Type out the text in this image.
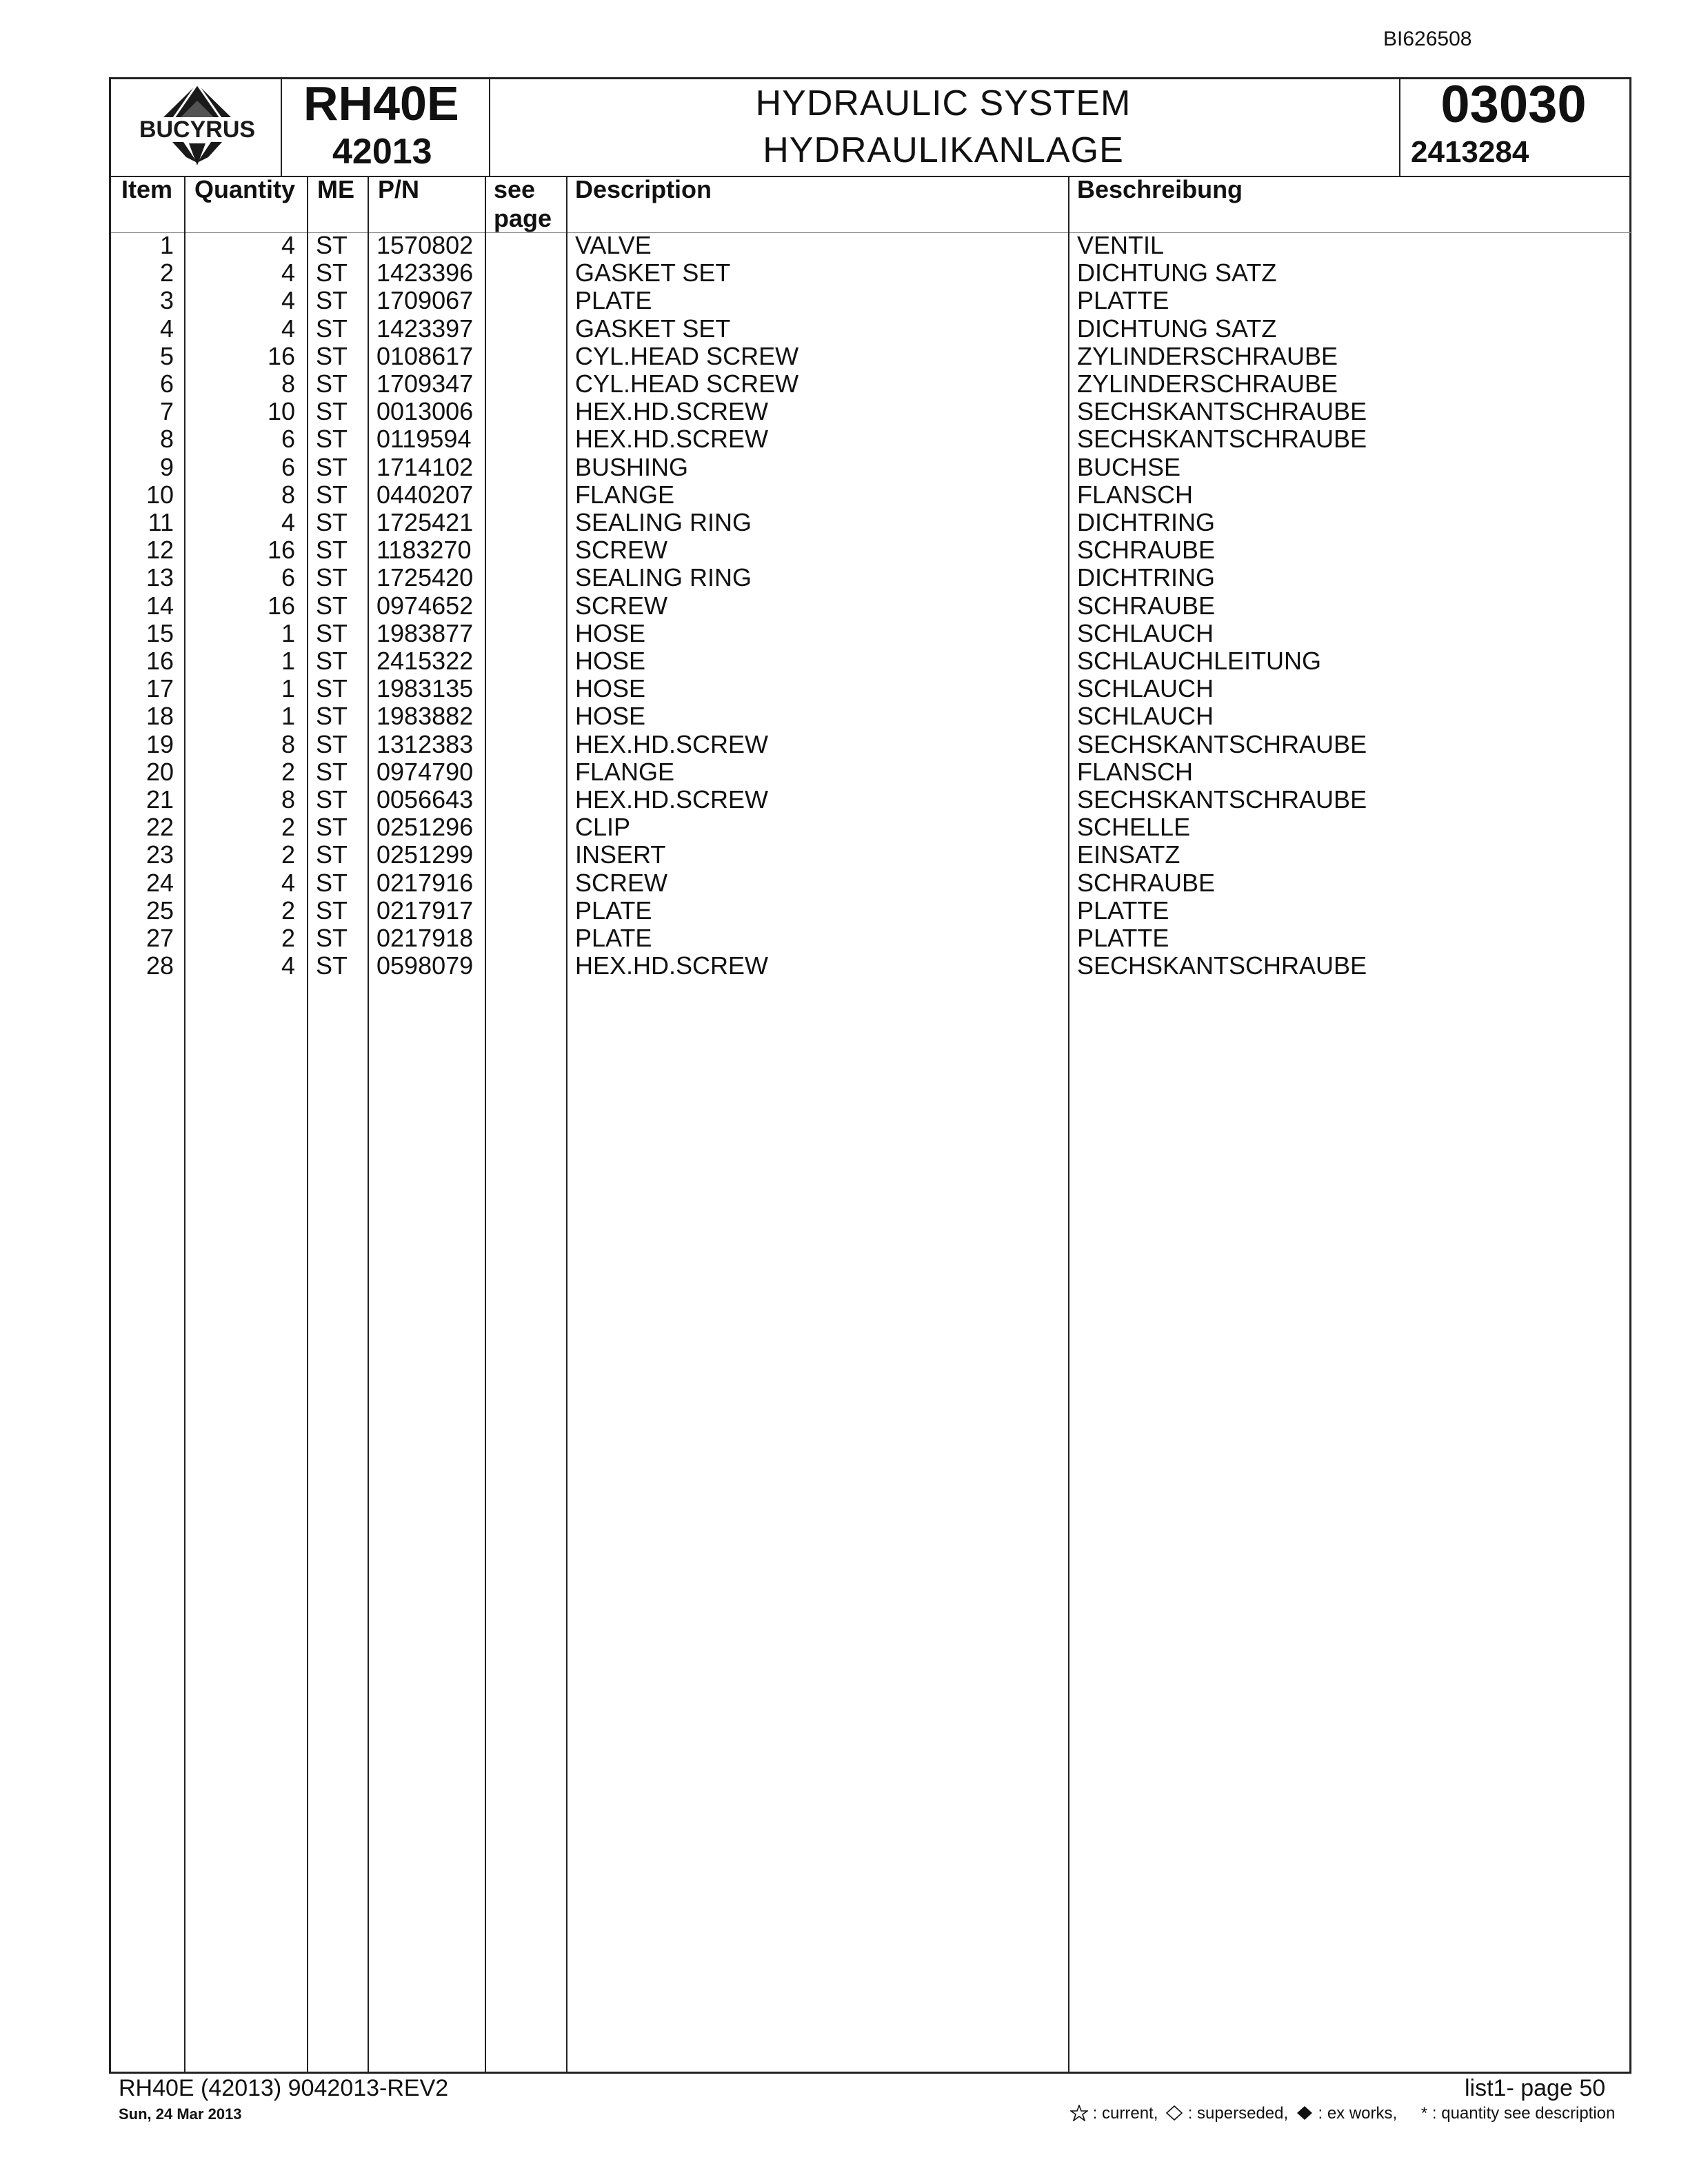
BI626508
BUCYRUS RH40E
42013
HYDRAULIC SYSTEM
HYDRAULIKANLAGE
03030
2413284
Item Quantity ME P/N	see page
Description	Beschreibung
1	4 ST 1570802	VALVE	VENTIL
2	4 ST 1423396	GASKET SET	DICHTUNG SATZ
3	4 ST 1709067	PLATE	PLATTE
4	4 ST 1423397	GASKET SET	DICHTUNG SATZ
5	16 ST 0108617	CYL.HEAD SCREW	ZYLINDERSCHRAUBE
6	8 ST 1709347	CYL.HEAD SCREW	ZYLINDERSCHRAUBE
7	10 ST 0013006	HEX.HD.SCREW	SECHSKANTSCHRAUBE
8	6 ST 0119594	HEX.HD.SCREW	SECHSKANTSCHRAUBE
9	6 ST 1714102	BUSHING	BUCHSE
10	8 ST 0440207	FLANGE	FLANSCH
11	4 ST 1725421	SEALING RING	DICHTRING
12	16 ST 1183270	SCREW	SCHRAUBE
13	6 ST 1725420	SEALING RING	DICHTRING
14	16 ST 0974652	SCREW	SCHRAUBE
15	1 ST 1983877	HOSE	SCHLAUCH
16	1 ST 2415322	HOSE	SCHLAUCHLEITUNG
17	1 ST 1983135	HOSE	SCHLAUCH
18	1 ST 1983882	HOSE	SCHLAUCH
19	8 ST 1312383	HEX.HD.SCREW	SECHSKANTSCHRAUBE
20	2 ST 0974790	FLANGE	FLANSCH
21	8 ST 0056643	HEX.HD.SCREW	SECHSKANTSCHRAUBE
22	2 ST 0251296	CLIP	SCHELLE
23	2 ST 0251299	INSERT	EINSATZ
24	4 ST 0217916	SCREW	SCHRAUBE
25	2 ST 0217917	PLATE	PLATTE
27	2 ST 0217918	PLATE	PLATTE
28	4 ST 0598079	HEX.HD.SCREW	SECHSKANTSCHRAUBE
RH40E (42013) 9042013-REV2
Sun, 24 Mar 2013
list1- page 50
: current, : superseded, : ex works, * : quantity see description
